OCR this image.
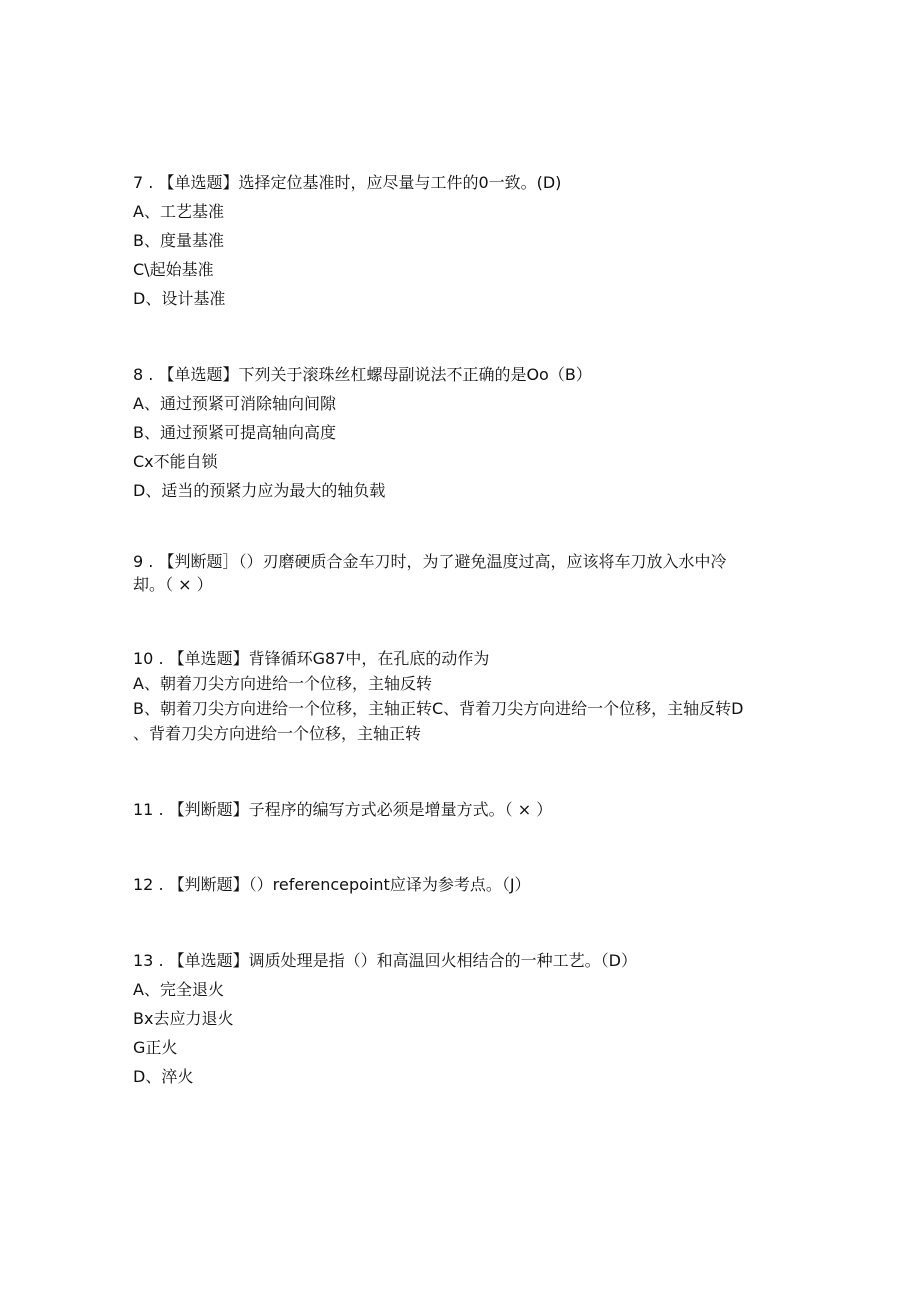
7 . 【单选题】选择定位基准时，应尽量与工件的0一致。(D)
A、工艺基准
B、度量基准
C\起始基准
D、设计基准
8 . 【单选题】下列关于滚珠丝杠螺母副说法不正确的是Oo（B）
A、通过预紧可消除轴向间隙
B、通过预紧可提高轴向高度
Cx不能自锁
D、适当的预紧力应为最大的轴负载
9 . 【判断题］（）刃磨硬质合金车刀时，为了避免温度过高，应该将车刀放入水中冷
却。（ × ）
10 . 【单选题】背锋循环G87中，在孔底的动作为
A、朝着刀尖方向进给一个位移，主轴反转
B、朝着刀尖方向进给一个位移，主轴正转C、背着刀尖方向进给一个位移，主轴反转D
、背着刀尖方向进给一个位移，主轴正转
11 . 【判断题】子程序的编写方式必须是增量方式。（ × ）
12 . 【判断题】（）referencepoint应译为参考点。（J）
13 . 【单选题】调质处理是指（）和高温回火相结合的一种工艺。（D）
A、完全退火
Bx去应力退火
G正火
D、淬火
